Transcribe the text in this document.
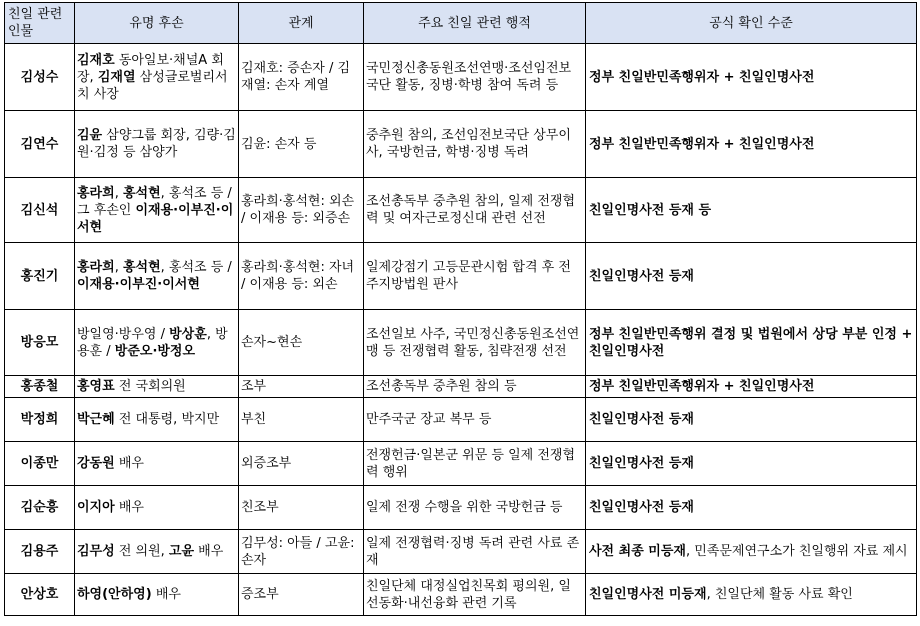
친일 관련 인물	유명 후손	관계	주요 친일 관련 행적	공식 확인 수준
김성수	김재호 동아일보·채널A 회장, 김재열 삼성글로벌리서치 사장	김재호: 증손자 / 김재열: 손자 계열	국민정신총동원조선연맹·조선임전보국단 활동, 징병·학병 참여 독려 등	정부 친일반민족행위자 + 친일인명사전
김연수	김윤 삼양그룹 회장, 김량·김원·김정 등 삼양가	김윤: 손자 등	중추원 참의, 조선임전보국단 상무이사, 국방헌금, 학병·징병 독려	정부 친일반민족행위자 + 친일인명사전
김신석	홍라희, 홍석현, 홍석조 등 / 그 후손인 이재용·이부진·이서현	홍라희·홍석현: 외손 / 이재용 등: 외증손	조선총독부 중추원 참의, 일제 전쟁협력 및 여자근로정신대 관련 선전	친일인명사전 등재 등
홍진기	홍라희, 홍석현, 홍석조 등 / 이재용·이부진·이서현	홍라희·홍석현: 자녀 / 이재용 등: 외손	일제강점기 고등문관시험 합격 후 전주지방법원 판사	친일인명사전 등재
방응모	방일영·방우영 / 방상훈, 방용훈 / 방준오·방정오	손자~현손	조선일보 사주, 국민정신총동원조선연맹 등 전쟁협력 활동, 침략전쟁 선전	정부 친일반민족행위 결정 및 법원에서 상당 부분 인정 + 친일인명사전
홍종철	홍영표 전 국회의원	조부	조선총독부 중추원 참의 등	정부 친일반민족행위자 + 친일인명사전
박정희	박근혜 전 대통령, 박지만	부친	만주국군 장교 복무 등	친일인명사전 등재
이종만	강동원 배우	외증조부	전쟁헌금·일본군 위문 등 일제 전쟁협력 행위	친일인명사전 등재
김순흥	이지아 배우	친조부	일제 전쟁 수행을 위한 국방헌금 등	친일인명사전 등재
김용주	김무성 전 의원, 고윤 배우	김무성: 아들 / 고윤: 손자	일제 전쟁협력·징병 독려 관련 사료 존재	사전 최종 미등재, 민족문제연구소가 친일행위 자료 제시
안상호	하영(안하영) 배우	증조부	친일단체 대정실업친목회 평의원, 일선동화·내선융화 관련 기록	친일인명사전 미등재, 친일단체 활동 사료 확인
